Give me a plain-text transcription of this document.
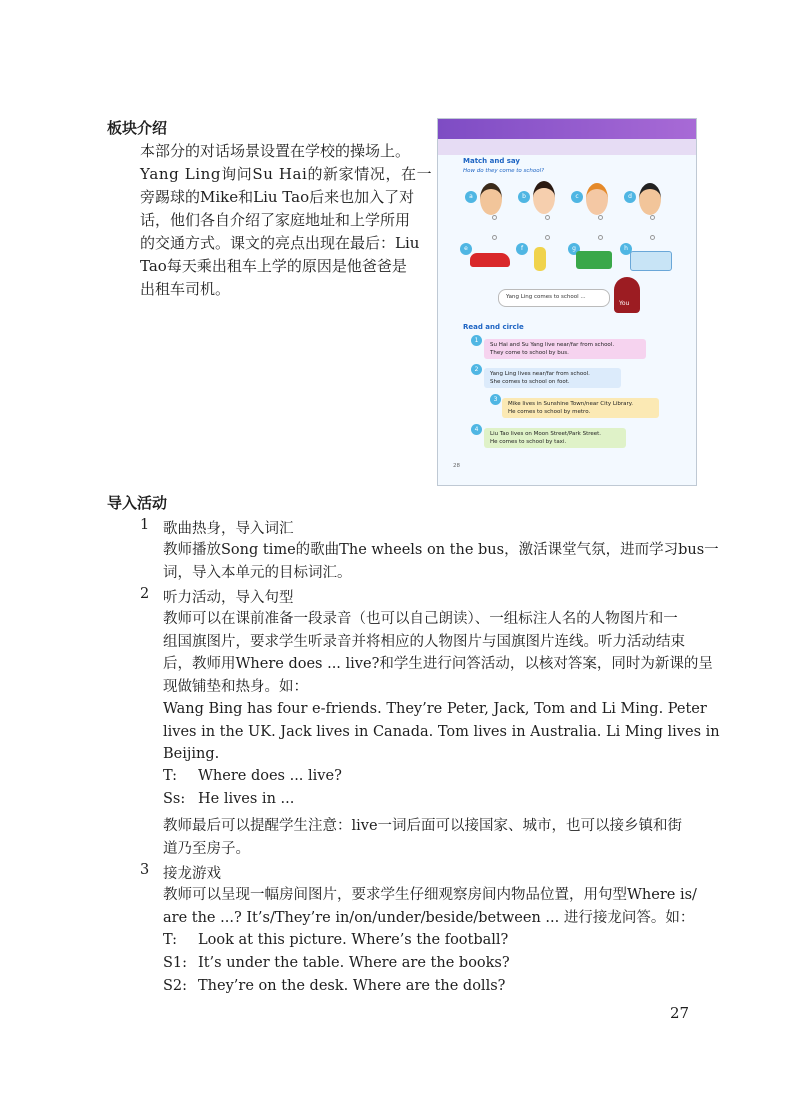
板块介绍
本部分的对话场景设置在学校的操场上。
Yang Ling询问Su Hai的新家情况，在一
旁踢球的Mike和Liu Tao后来也加入了对
话，他们各自介绍了家庭地址和上学所用
的交通方式。课文的亮点出现在最后：Liu
Tao每天乘出租车上学的原因是他爸爸是
出租车司机。
Match and say
How do they come to school?
a	b	c	d
e	f	g	h
Yang Ling comes to school ...
You
Read and circle
1
Su Hai and Su Yang live near/far from school.
They come to school by bus.
2
Yang Ling lives near/far from school.
She comes to school on foot.
3
Mike lives in Sunshine Town/near City Library.
He comes to school by metro.
4
Liu Tao lives on Moon Street/Park Street.
He comes to school by taxi.
28
导入活动
1 歌曲热身，导入词汇
教师播放Song time的歌曲The wheels on the bus，激活课堂气氛，进而学习bus一
词，导入本单元的目标词汇。
2 听力活动，导入句型
教师可以在课前准备一段录音（也可以自己朗读）、一组标注人名的人物图片和一
组国旗图片，要求学生听录音并将相应的人物图片与国旗图片连线。听力活动结束
后，教师用Where does ... live?和学生进行问答活动，以核对答案，同时为新课的呈
现做铺垫和热身。如：
Wang Bing has four e-friends. They’re Peter, Jack, Tom and Li Ming. Peter
lives in the UK. Jack lives in Canada. Tom lives in Australia. Li Ming lives in
Beijing.
T: Where does ... live?
Ss: He lives in ...
教师最后可以提醒学生注意：live一词后面可以接国家、城市，也可以接乡镇和街
道乃至房子。
3 接龙游戏
教师可以呈现一幅房间图片，要求学生仔细观察房间内物品位置，用句型Where is/
are the ...? It’s/They’re in/on/under/beside/between ... 进行接龙问答。如：
T: Look at this picture. Where’s the football?
S1: It’s under the table. Where are the books?
S2: They’re on the desk. Where are the dolls?
27
